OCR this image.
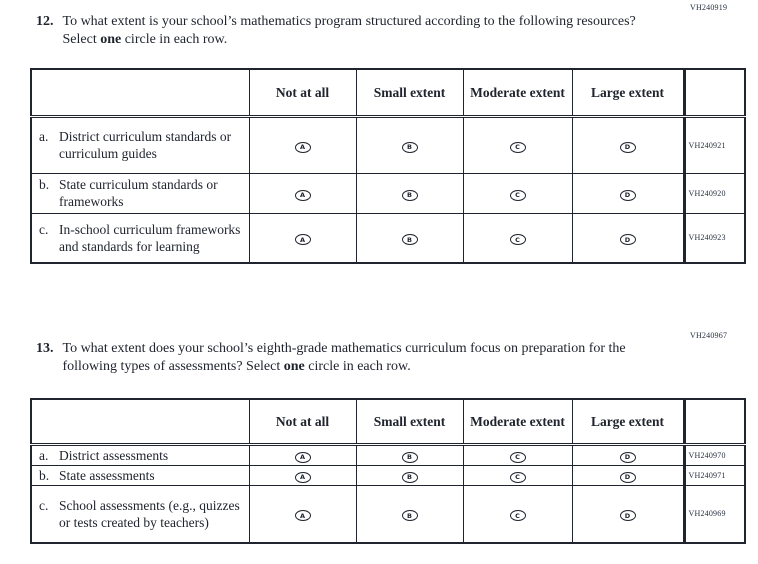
VH240919
12. To what extent is your school’s mathematics program structured according to the following resources? Select one circle in each row.
	Not at all	Small extent	Moderate extent	Large extent	

a. District curriculum standards or curriculum guides	A	B	C	D	VH240921

b. State curriculum standards or frameworks	A	B	C	D	VH240920

c. In-school curriculum frameworks and standards for learning	A	B	C	D	VH240923
VH240967
13. To what extent does your school’s eighth-grade mathematics curriculum focus on preparation for the following types of assessments? Select one circle in each row.
	Not at all	Small extent	Moderate extent	Large extent	

a. District assessments	A	B	C	D	VH240970

b. State assessments	A	B	C	D	VH240971

c. School assessments (e.g., quizzes or tests created by teachers)	A	B	C	D	VH240969
